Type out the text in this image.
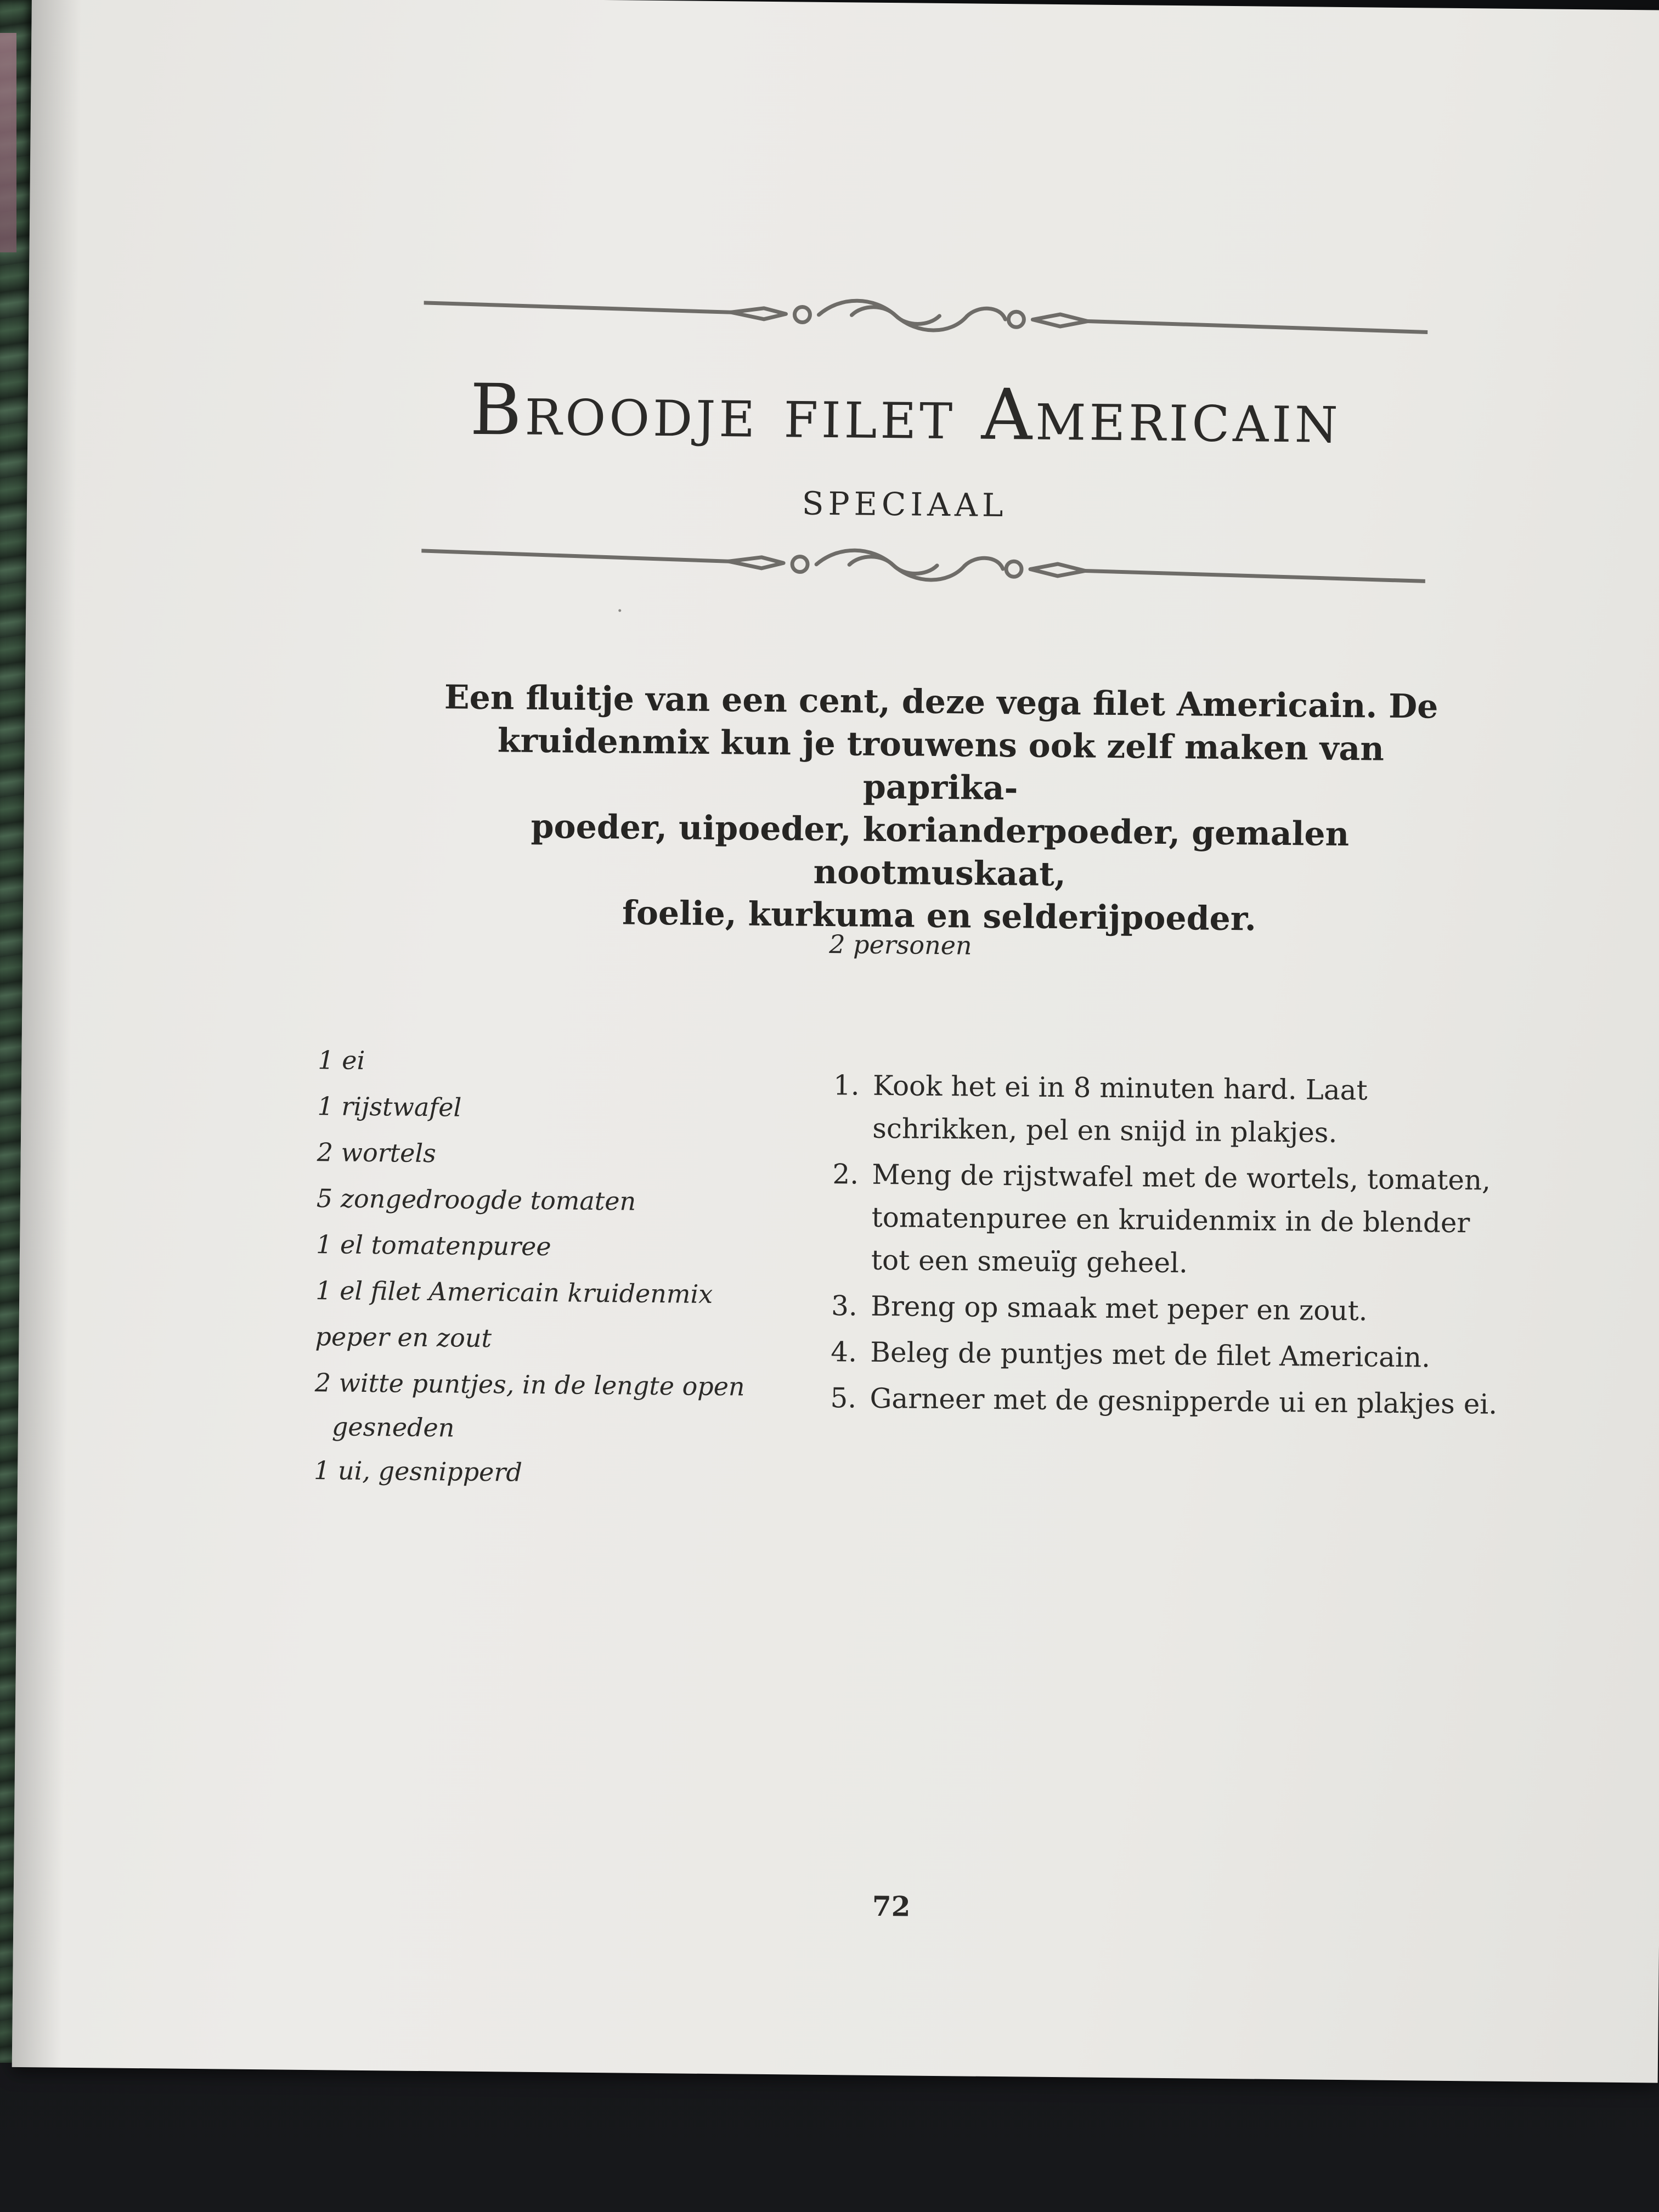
Broodje filet Americain
SPECIAAL
Een fluitje van een cent, deze vega filet Americain. De
kruidenmix kun je trouwens ook zelf maken van paprika-
poeder, uipoeder, korianderpoeder, gemalen nootmuskaat,
foelie, kurkuma en selderijpoeder.
2 personen
1 ei
1 rijstwafel
2 wortels
5 zongedroogde tomaten
1 el tomatenpuree
1 el filet Americain kruidenmix
peper en zout
2 witte puntjes, in de lengte open
gesneden
1 ui, gesnipperd
1. Kook het ei in 8 minuten hard. Laat schrikken, pel en snijd in plakjes.
2. Meng de rijstwafel met de wortels, tomaten, tomatenpuree en kruidenmix in de blender tot een smeuïg geheel.
3. Breng op smaak met peper en zout.
4. Beleg de puntjes met de filet Americain.
5. Garneer met de gesnipperde ui en plakjes ei.
72
